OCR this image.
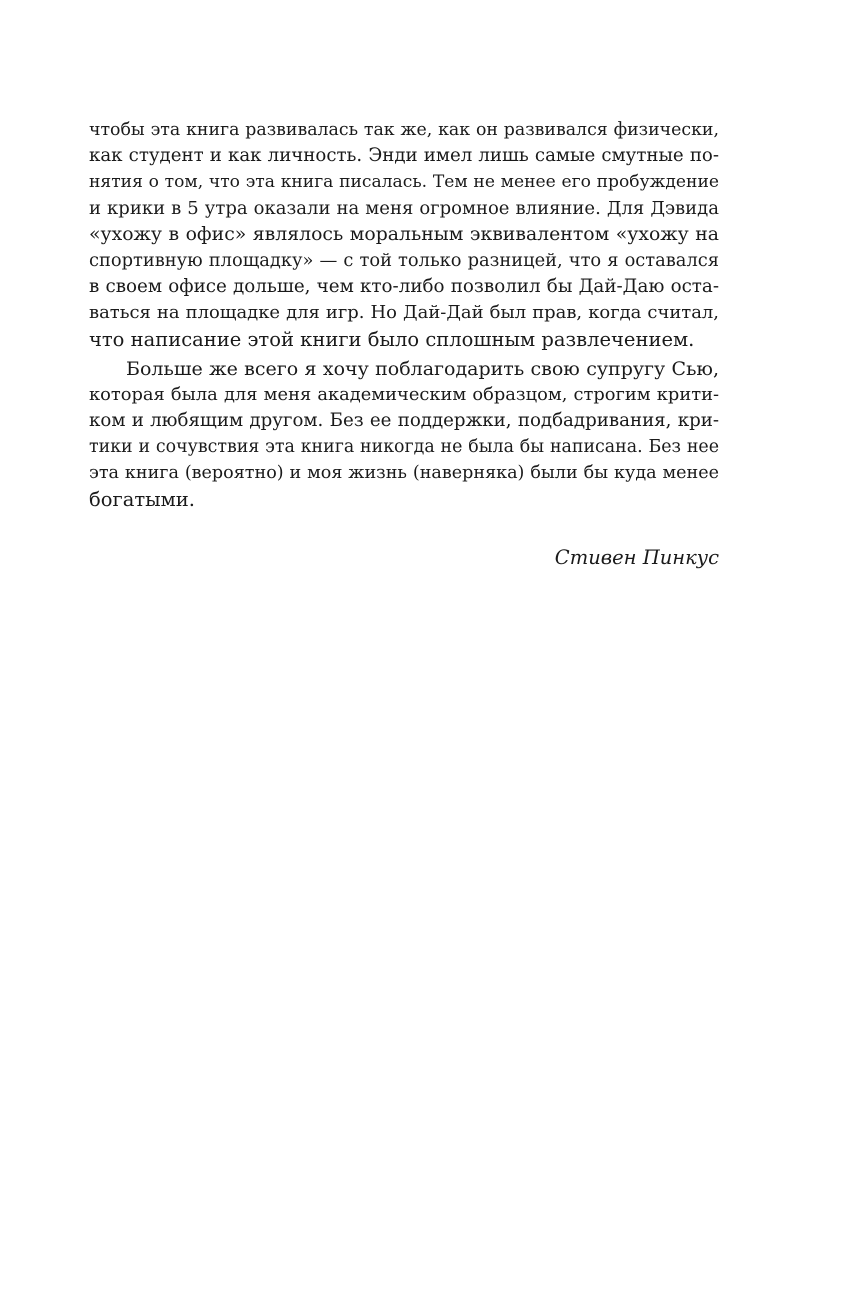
чтобы эта книга развивалась так же, как он развивался физически,
как студент и как личность. Энди имел лишь самые смутные по-
нятия о том, что эта книга писалась. Тем не менее его пробуждение
и крики в 5 утра оказали на меня огромное влияние. Для Дэвида
«ухожу в офис» являлось моральным эквивалентом «ухожу на
спортивную площадку» — с той только разницей, что я оставался
в своем офисе дольше, чем кто-либо позволил бы Дай-Даю оста-
ваться на площадке для игр. Но Дай-Дай был прав, когда считал,
что написание этой книги было сплошным развлечением.
Больше же всего я хочу поблагодарить свою супругу Сью,
которая была для меня академическим образцом, строгим крити-
ком и любящим другом. Без ее поддержки, подбадривания, кри-
тики и сочувствия эта книга никогда не была бы написана. Без нее
эта книга (вероятно) и моя жизнь (наверняка) были бы куда менее
богатыми.
Стивен Пинкус
